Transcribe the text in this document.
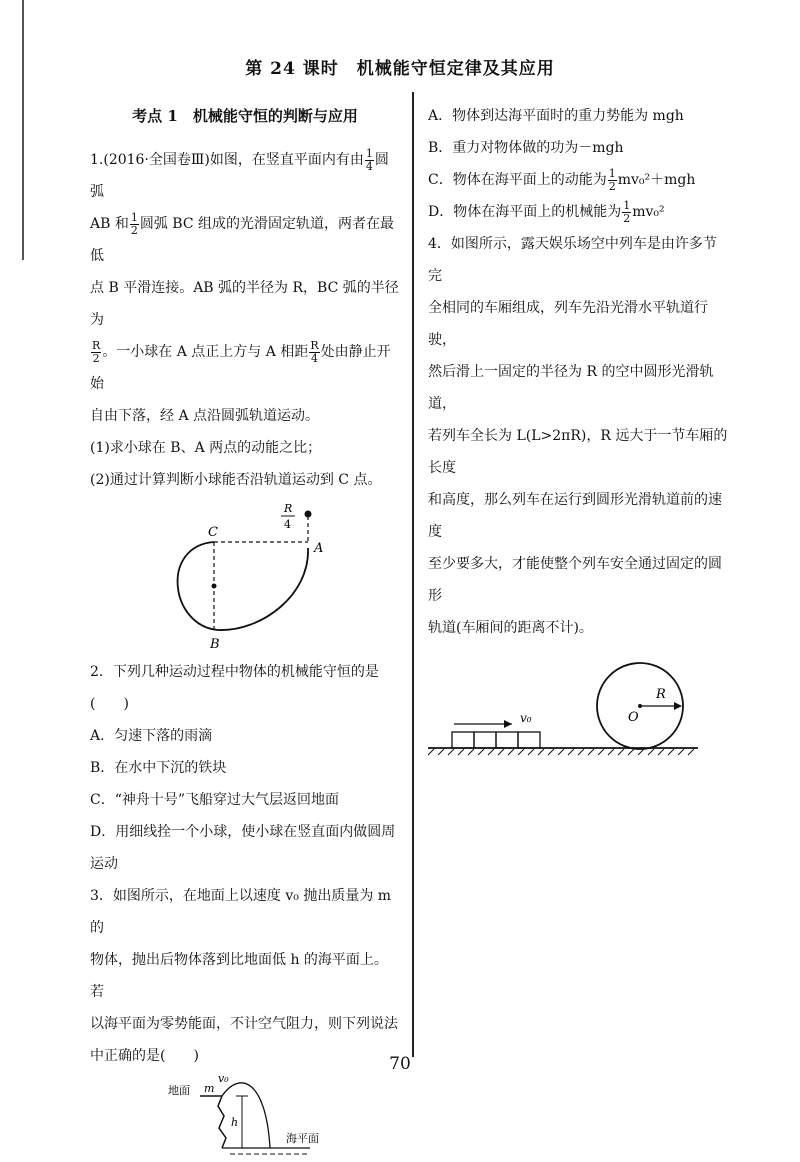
第 24 课时　机械能守恒定律及其应用
考点 1　机械能守恒的判断与应用

1.(2016·全国卷Ⅲ)如图，在竖直平面内有由 $\frac{1}{4}$ 圆弧

AB 和 $\frac{1}{2}$ 圆弧 BC 组成的光滑固定轨道，两者在最低

点 B 平滑连接。AB 弧的半径为 R，BC 弧的半径为

$\frac{R}{2}$ 。一小球在 A 点正上方与 A 相距 $\frac{R}{4}$ 处由静止开始

自由下落，经 A 点沿圆弧轨道运动。

(1)求小球在 B、A 两点的动能之比；

(2)通过计算判断小球能否沿轨道运动到 C 点。

C
A
B
R
4

2．下列几种运动过程中物体的机械能守恒的是

(　　)

A．匀速下落的雨滴

B．在水中下沉的铁块

C．“神舟十号”飞船穿过大气层返回地面

D．用细线拴一个小球，使小球在竖直面内做圆周

运动

3．如图所示，在地面上以速度 v₀ 抛出质量为 m 的

物体，抛出后物体落到比地面低 h 的海平面上。若

以海平面为零势能面，不计空气阻力，则下列说法

中正确的是(　　)

地面 m
v₀
h
海平面

A．物体到达海平面时的重力势能为 mgh

B．重力对物体做的功为－mgh

C．物体在海平面上的动能为 $\frac{1}{2} mv_0^2+mgh$

D．物体在海平面上的机械能为 $\frac{1}{2} mv_0^2$

4．如图所示，露天娱乐场空中列车是由许多节完

全相同的车厢组成，列车先沿光滑水平轨道行驶，

然后滑上一固定的半径为 R 的空中圆形光滑轨道，

若列车全长为 L(L>2πR)，R 远大于一节车厢的长度

和高度，那么列车在运行到圆形光滑轨道前的速度

至少要多大，才能使整个列车安全通过固定的圆形

轨道(车厢间的距离不计)。

v₀
R
O
70
